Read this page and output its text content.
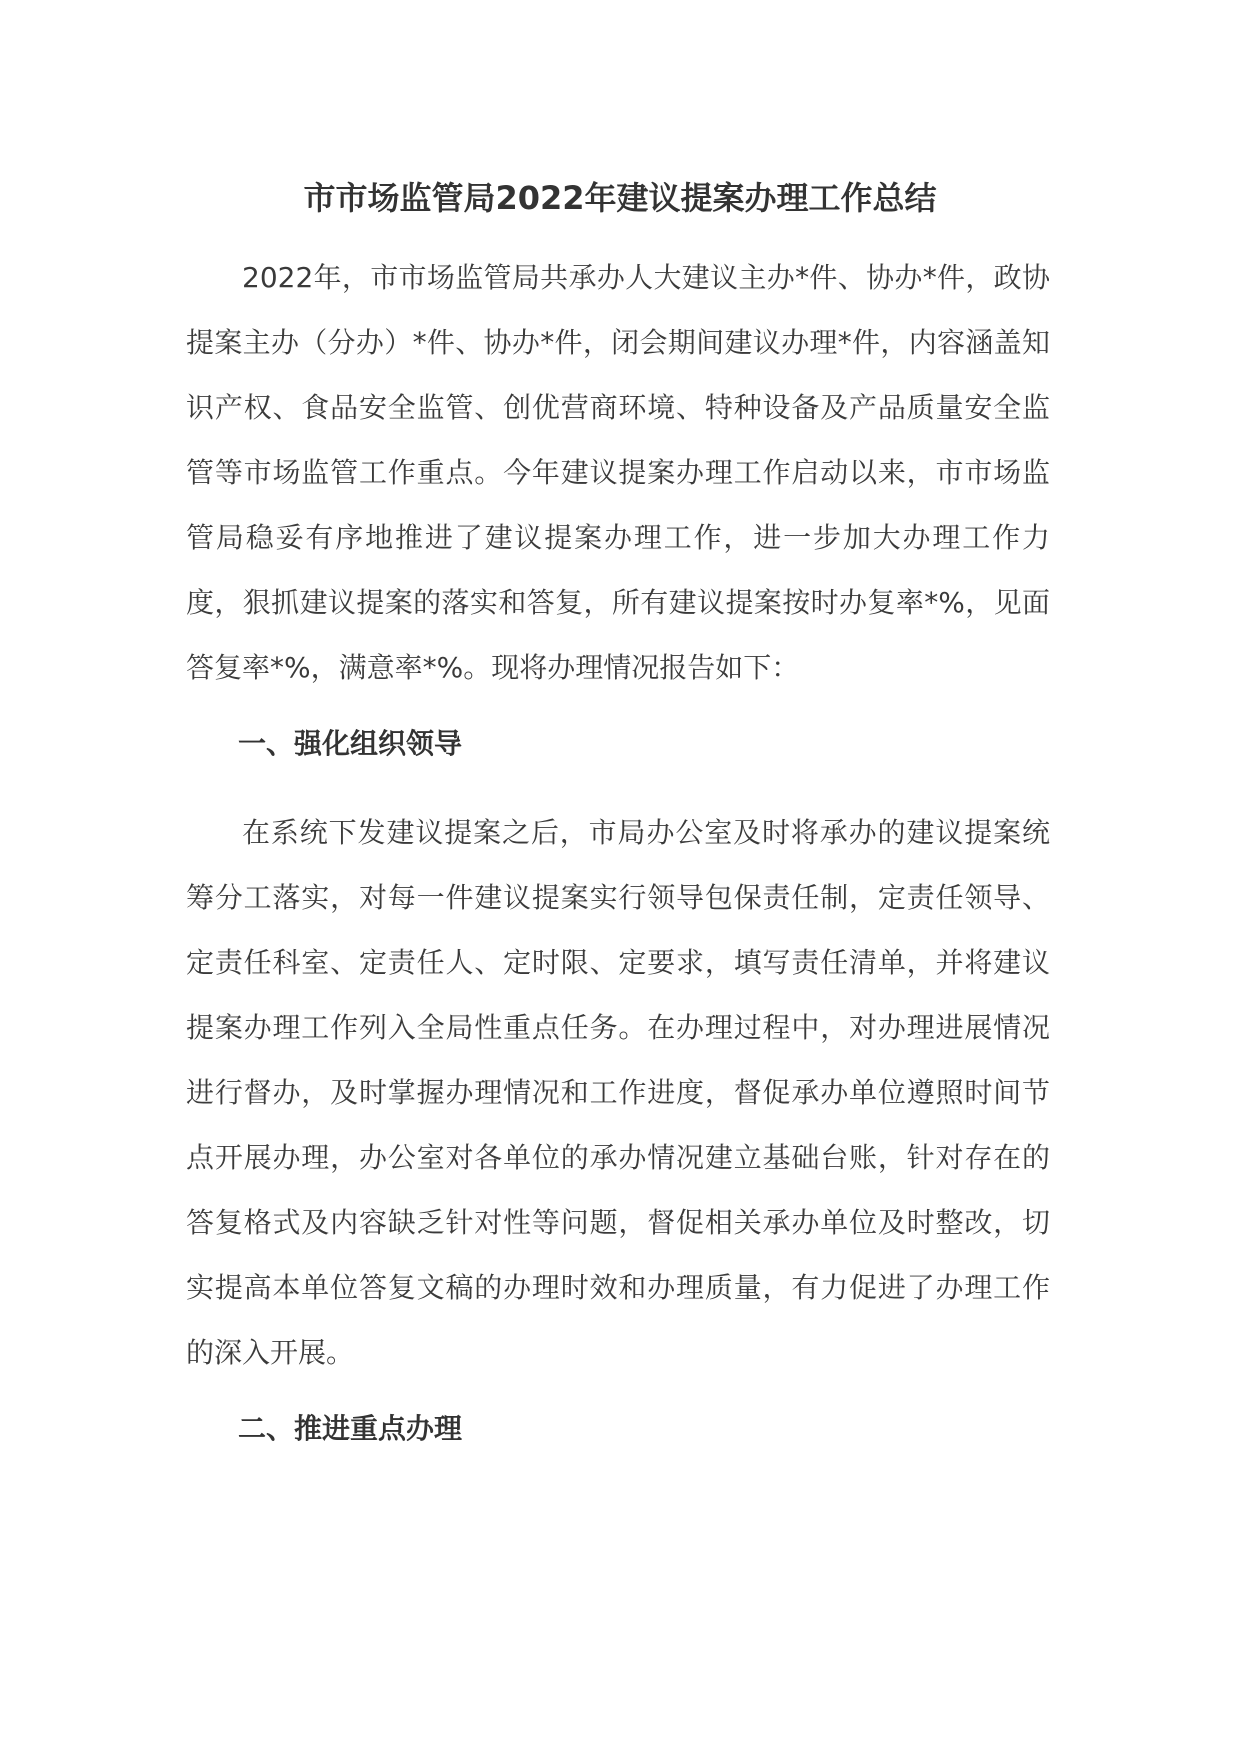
市市场监管局2022年建议提案办理工作总结

2022年，市市场监管局共承办人大建议主办*件、协办*件，政协提案主办（分办）*件、协办*件，闭会期间建议办理*件，内容涵盖知识产权、食品安全监管、创优营商环境、特种设备及产品质量安全监管等市场监管工作重点。今年建议提案办理工作启动以来，市市场监管局稳妥有序地推进了建议提案办理工作，进一步加大办理工作力度，狠抓建议提案的落实和答复，所有建议提案按时办复率*%，见面答复率*%，满意率*%。现将办理情况报告如下：

一、强化组织领导

在系统下发建议提案之后，市局办公室及时将承办的建议提案统筹分工落实，对每一件建议提案实行领导包保责任制，定责任领导、定责任科室、定责任人、定时限、定要求，填写责任清单，并将建议提案办理工作列入全局性重点任务。在办理过程中，对办理进展情况进行督办，及时掌握办理情况和工作进度，督促承办单位遵照时间节点开展办理，办公室对各单位的承办情况建立基础台账，针对存在的答复格式及内容缺乏针对性等问题，督促相关承办单位及时整改，切实提高本单位答复文稿的办理时效和办理质量，有力促进了办理工作的深入开展。

二、推进重点办理
